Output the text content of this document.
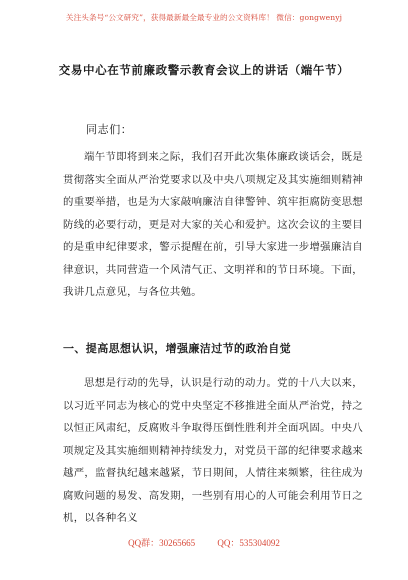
关注头条号“公文研究”，获得最新最全最专业的公文资料库！ 微信：gongwenyj
交易中心在节前廉政警示教育会议上的讲话（端午节）
同志们：

端午节即将到来之际，我们召开此次集体廉政谈话会，既是贯彻落实全面从严治党要求以及中央八项规定及其实施细则精神的重要举措，也是为大家敲响廉洁自律警钟、筑牢拒腐防变思想防线的必要行动，更是对大家的关心和爱护。这次会议的主要目的是重申纪律要求，警示提醒在前，引导大家进一步增强廉洁自律意识，共同营造一个风清气正、文明祥和的节日环境。下面，我讲几点意见，与各位共勉。

一、提高思想认识，增强廉洁过节的政治自觉

思想是行动的先导，认识是行动的动力。党的十八大以来，以习近平同志为核心的党中央坚定不移推进全面从严治党，持之以恒正风肃纪，反腐败斗争取得压倒性胜利并全面巩固。中央八项规定及其实施细则精神持续发力，对党员干部的纪律要求越来越严，监督执纪越来越紧，节日期间，人情往来频繁，往往成为腐败问题的易发、高发期，一些别有用心的人可能会利用节日之机，以各种名义

QQ群：30265665 QQ：535304092
